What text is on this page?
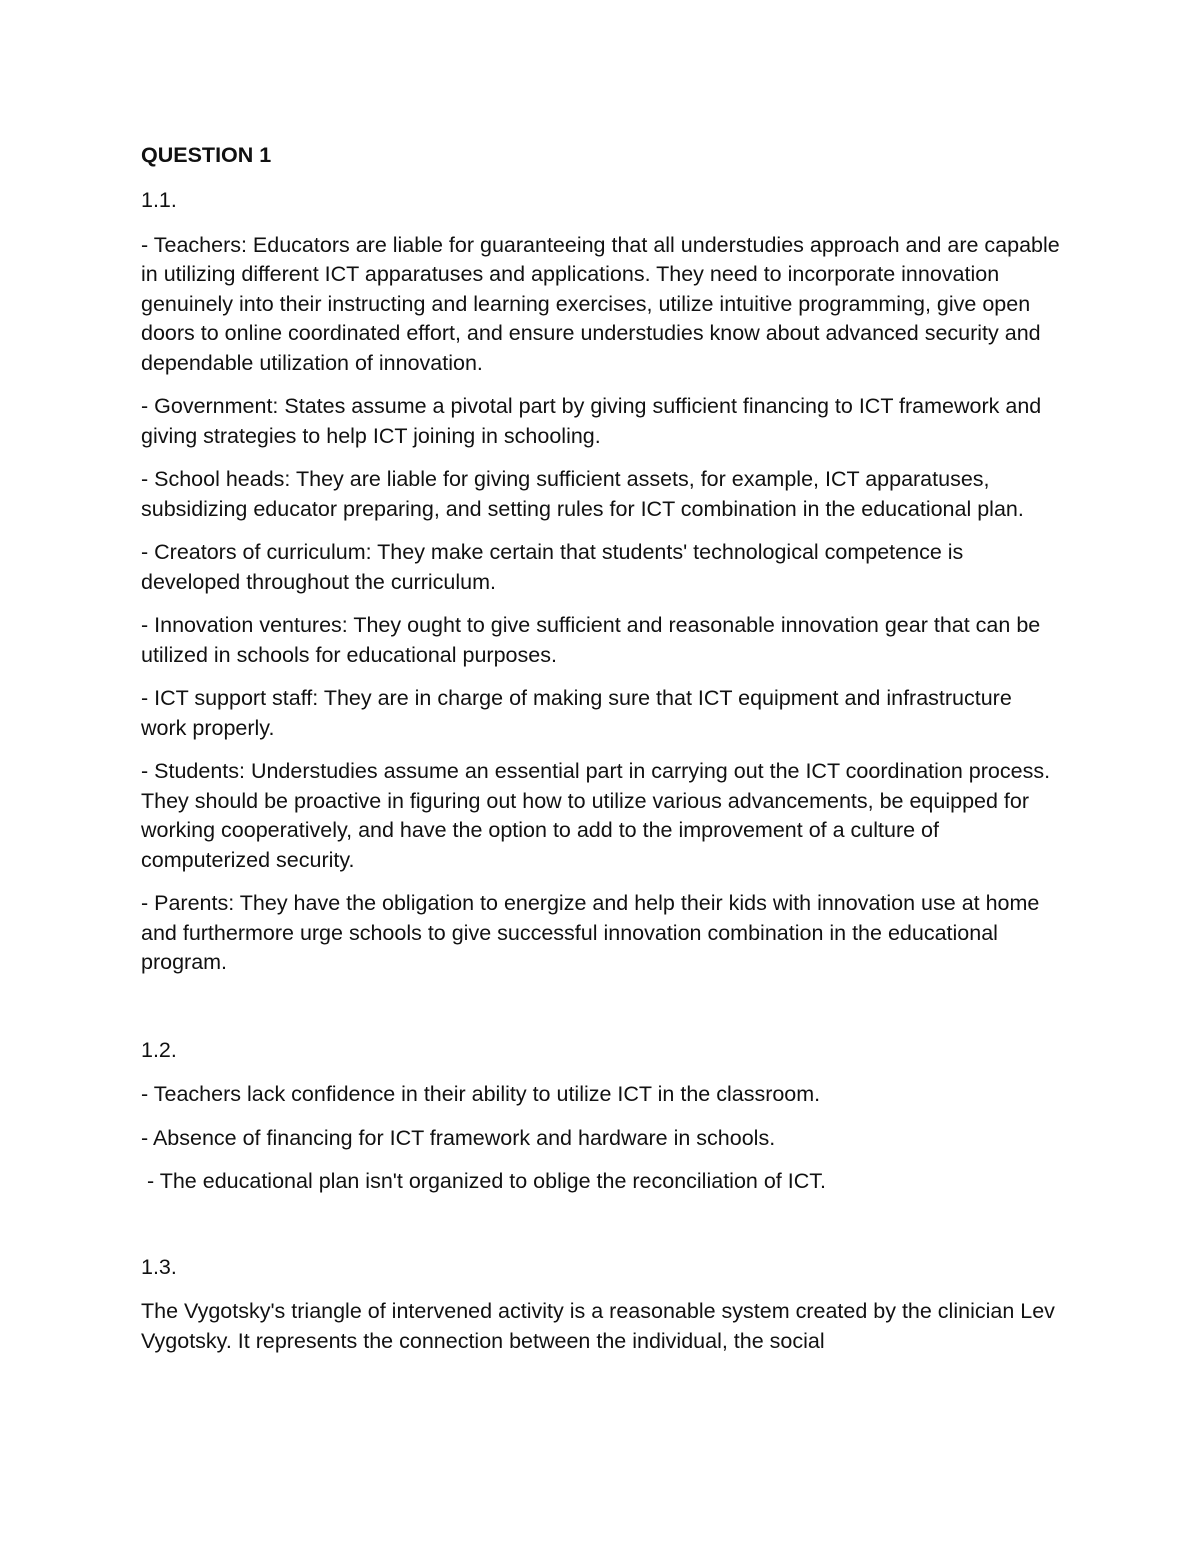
QUESTION 1
1.1.
- Teachers: Educators are liable for guaranteeing that all understudies approach and are capable in utilizing different ICT apparatuses and applications. They need to incorporate innovation genuinely into their instructing and learning exercises, utilize intuitive programming, give open doors to online coordinated effort, and ensure understudies know about advanced security and dependable utilization of innovation.
- Government: States assume a pivotal part by giving sufficient financing to ICT framework and giving strategies to help ICT joining in schooling.
- School heads: They are liable for giving sufficient assets, for example, ICT apparatuses, subsidizing educator preparing, and setting rules for ICT combination in the educational plan.
- Creators of curriculum: They make certain that students' technological competence is developed throughout the curriculum.
- Innovation ventures: They ought to give sufficient and reasonable innovation gear that can be utilized in schools for educational purposes.
- ICT support staff: They are in charge of making sure that ICT equipment and infrastructure work properly.
- Students: Understudies assume an essential part in carrying out the ICT coordination process. They should be proactive in figuring out how to utilize various advancements, be equipped for working cooperatively, and have the option to add to the improvement of a culture of computerized security.
- Parents: They have the obligation to energize and help their kids with innovation use at home and furthermore urge schools to give successful innovation combination in the educational program.
1.2.
- Teachers lack confidence in their ability to utilize ICT in the classroom.
- Absence of financing for ICT framework and hardware in schools.
- The educational plan isn't organized to oblige the reconciliation of ICT.
1.3.
The Vygotsky's triangle of intervened activity is a reasonable system created by the clinician Lev Vygotsky. It represents the connection between the individual, the social
